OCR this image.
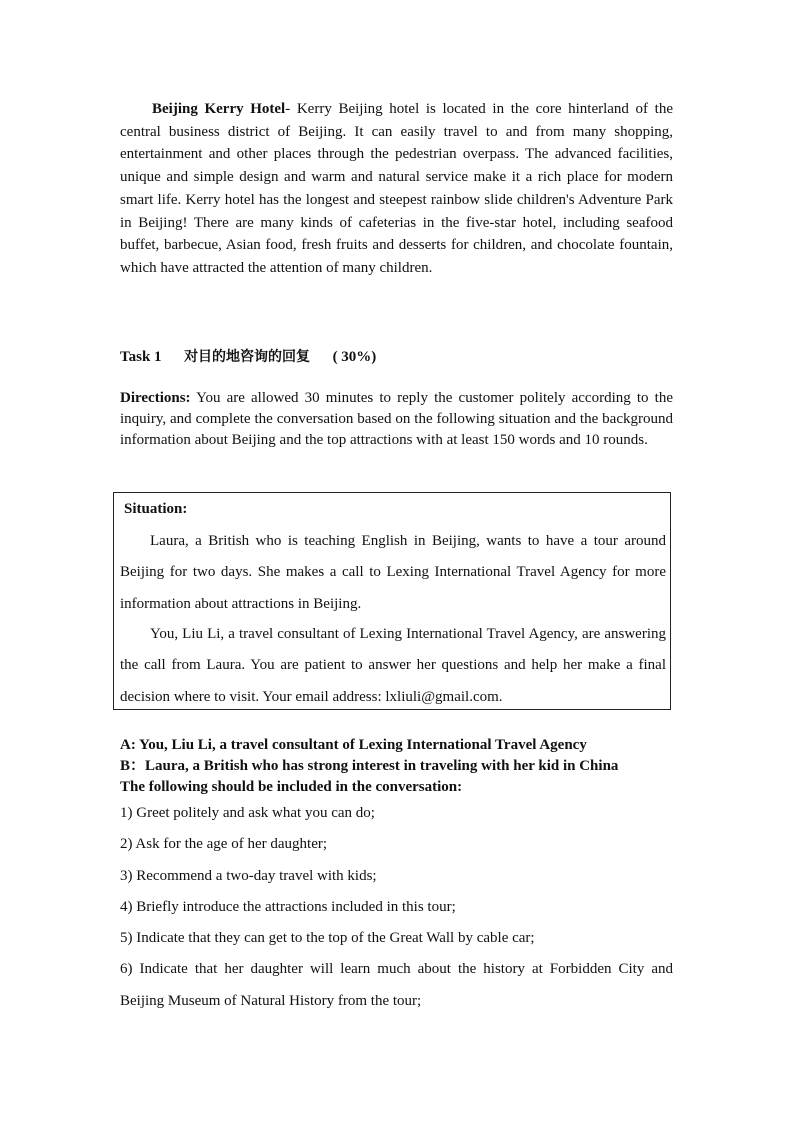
Beijing Kerry Hotel- Kerry Beijing hotel is located in the core hinterland of the central business district of Beijing. It can easily travel to and from many shopping, entertainment and other places through the pedestrian overpass. The advanced facilities, unique and simple design and warm and natural service make it a rich place for modern smart life. Kerry hotel has the longest and steepest rainbow slide children's Adventure Park in Beijing! There are many kinds of cafeterias in the five-star hotel, including seafood buffet, barbecue, Asian food, fresh fruits and desserts for children, and chocolate fountain, which have attracted the attention of many children.

Task 1 对目的地咨询的回复 ( 30%)

Directions: You are allowed 30 minutes to reply the customer politely according to the inquiry, and complete the conversation based on the following situation and the background information about Beijing and the top attractions with at least 150 words and 10 rounds.

Situation:

Laura, a British who is teaching English in Beijing, wants to have a tour around Beijing for two days. She makes a call to Lexing International Travel Agency for more information about attractions in Beijing.

You, Liu Li, a travel consultant of Lexing International Travel Agency, are answering the call from Laura. You are patient to answer her questions and help her make a final decision where to visit. Your email address: lxliuli@gmail.com.

A: You, Liu Li, a travel consultant of Lexing International Travel Agency
B：Laura, a British who has strong interest in traveling with her kid in China
The following should be included in the conversation:
1) Greet politely and ask what you can do;
2) Ask for the age of her daughter;
3) Recommend a two-day travel with kids;
4) Briefly introduce the attractions included in this tour;
5) Indicate that they can get to the top of the Great Wall by cable car;
6) Indicate that her daughter will learn much about the history at Forbidden City and Beijing Museum of Natural History from the tour;
